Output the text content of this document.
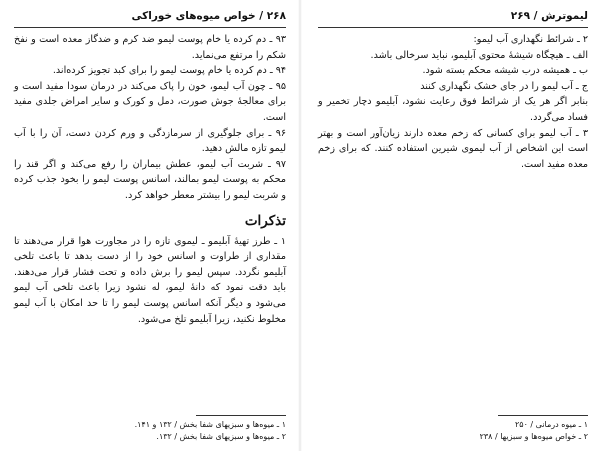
لیموترش / ۲۶۹

۲ ـ شرائط نگهداری آب لیمو:

الف ـ هیچگاه شیشهٔ محتوی آبلیمو، نباید سرخالی باشد.

ب ـ همیشه درب شیشه محکم بسته شود.

ج ـ آب لیمو را در جای خشک نگهداری کنند

بنابر اگر هر یک از شرائط فوق رعایت نشود، آبلیمو دچار تخمیر و فساد می‌گردد.

۳ ـ آب لیمو برای کسانی که زخم معده دارند زیان‌آور است و بهتر است این اشخاص از آب لیموی شیرین استفاده کنند. که برای زخم معده مفید است.

۱ ـ میوه درمانی / ۲۵۰

۲ ـ خواص میوه‌ها و سبزیها / ۲۳۸

۲۶۸ / خواص میوه‌های خوراکی

۹۳ ـ دم کرده یا خام پوست لیمو ضد کرم و ضدگاز معده است و نفخ شکم را مرتفع می‌نماید.

۹۴ ـ دم کرده یا خام پوست لیمو را برای کبد تجویز کرده‌اند.

۹۵ ـ چون آب لیمو، خون را پاک می‌کند در درمان سودا مفید است و برای معالجهٔ جوش صورت، دمل و کورک و سایر امراض جلدی مفید است.

۹۶ ـ برای جلوگیری از سرمازدگی و ورم کردن دست، آن را با آب لیمو تازه مالش دهید.

۹۷ ـ شربت آب لیمو، عطش بیماران را رفع می‌کند و اگر قند را محکم به پوست لیمو بمالند، اسانس پوست لیمو را بخود جذب کرده و شربت لیمو را بیشتر معطر خواهد کرد.

تذکرات

۱ ـ طرز تهیهٔ آبلیمو ـ لیموی تازه را در مجاورت هوا قرار می‌دهند تا مقداری از طراوت و اسانس خود را از دست بدهد تا باعث تلخی آبلیمو نگردد. سپس لیمو را برش داده و تحت فشار قرار می‌دهند. باید دقت نمود که دانهٔ لیمو، له نشود زیرا باعث تلخی آب لیمو می‌شود و دیگر آنکه اسانس پوست لیمو را تا حد امکان با آب لیمو مخلوط نکنید، زیرا آبلیمو تلخ می‌شود.

۱ ـ میوه‌ها و سبزیهای شفا بخش / ۱۳۲ و ۱۴۱.

۲ ـ میوه‌ها و سبزیهای شفا بخش / ۱۳۲.
